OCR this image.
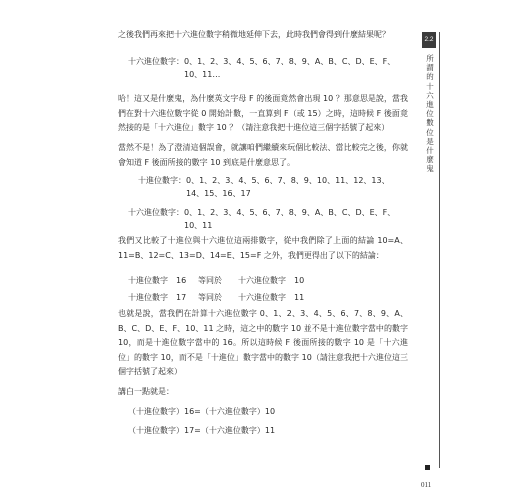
之後我們再來把十六進位數字稍微地延伸下去，此時我們會得到什麼結果呢？

十六進位數字： 0、1、2、3、4、5、6、7、8、9、A、B、C、D、E、F、10、11…

哈！這又是什麼鬼，為什麼英文字母 F 的後面竟然會出現 10 ？那意思是說，當我們在對十六進位數字從 0 開始計數，一直算到 F（或 15）之時，這時候 F 後面竟然接的是「十六進位」數字 10 ？（請注意我把十進位這三個字括號了起來）

當然不是！為了澄清這個誤會，就讓咱們繼續來玩個比較法、當比較完之後，你就會知道 F 後面所接的數字 10 到底是什麼意思了。

十進位數字： 0、1、2、3、4、5、6、7、8、9、10、11、12、13、14、15、16、17
十六進位數字： 0、1、2、3、4、5、6、7、8、9、A、B、C、D、E、F、10、11

我們又比較了十進位與十六進位這兩排數字，從中我們除了上面的結論 10=A、11=B、12=C、13=D、14=E、15=F 之外，我們更得出了以下的結論：

十進位數字　16 等同於 十六進位數字　10
十進位數字　17 等同於 十六進位數字　11

也就是說，當我們在計算十六進位數字 0、1、2、3、4、5、6、7、8、9、A、B、C、D、E、F、10、11 之時，這之中的數字 10 並不是十進位數字當中的數字 10，而是十進位數字當中的 16。所以這時候 F 後面所接的數字 10 是「十六進位」的數字 10，而不是「十進位」數字當中的數字 10（請注意我把十六進位這三個字括號了起來）

講白一點就是：

（十進位數字）16=（十六進位數字）10
（十進位數字）17=（十六進位數字）11
2.2
所謂的十六進位數位是什麼鬼
011
